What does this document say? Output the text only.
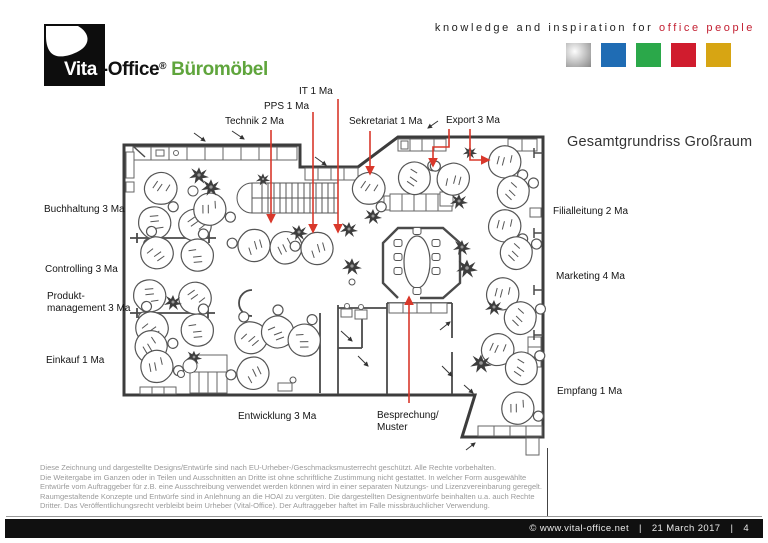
Vital-Office® Büromöbel
knowledge and inspiration for office people
Gesamtgrundriss Großraum
Technik 2 Ma
PPS 1 Ma
IT 1 Ma
Sekretariat 1 Ma Export 3 Ma
Buchhaltung 3 Ma
Controlling 3 Ma
Produkt-
management 3 Ma
Einkauf 1 Ma
Filialleitung 2 Ma
Marketing 4 Ma
Empfang 1 Ma
Entwicklung 3 Ma	Besprechung/
Muster
Diese Zeichnung und dargestellte Designs/Entwürfe sind nach EU-Urheber-/Geschmacksmusterrecht geschützt. Alle Rechte vorbehalten.
Die Weitergabe im Ganzen oder in Teilen und Ausschnitten an Dritte ist ohne schriftliche Zustimmung nicht gestattet. In welcher Form ausgewählte
Entwürfe vom Auftraggeber für z.B. eine Ausschreibung verwendet werden können wird in einer separaten Nutzungs- und Lizenzvereinbarung geregelt.
Raumgestaltende Konzepte und Entwürfe sind in Anlehnung an die HOAI zu vergüten. Die dargestellten Designentwürfe beinhalten u.a. auch Rechte
Dritter. Das Veröffentlichungsrecht verbleibt beim Urheber (Vital-Office). Der Auftraggeber haftet im Falle missbräuchlicher Verwendung.
© www.vital-office.net | 21 March 2017 | 4
